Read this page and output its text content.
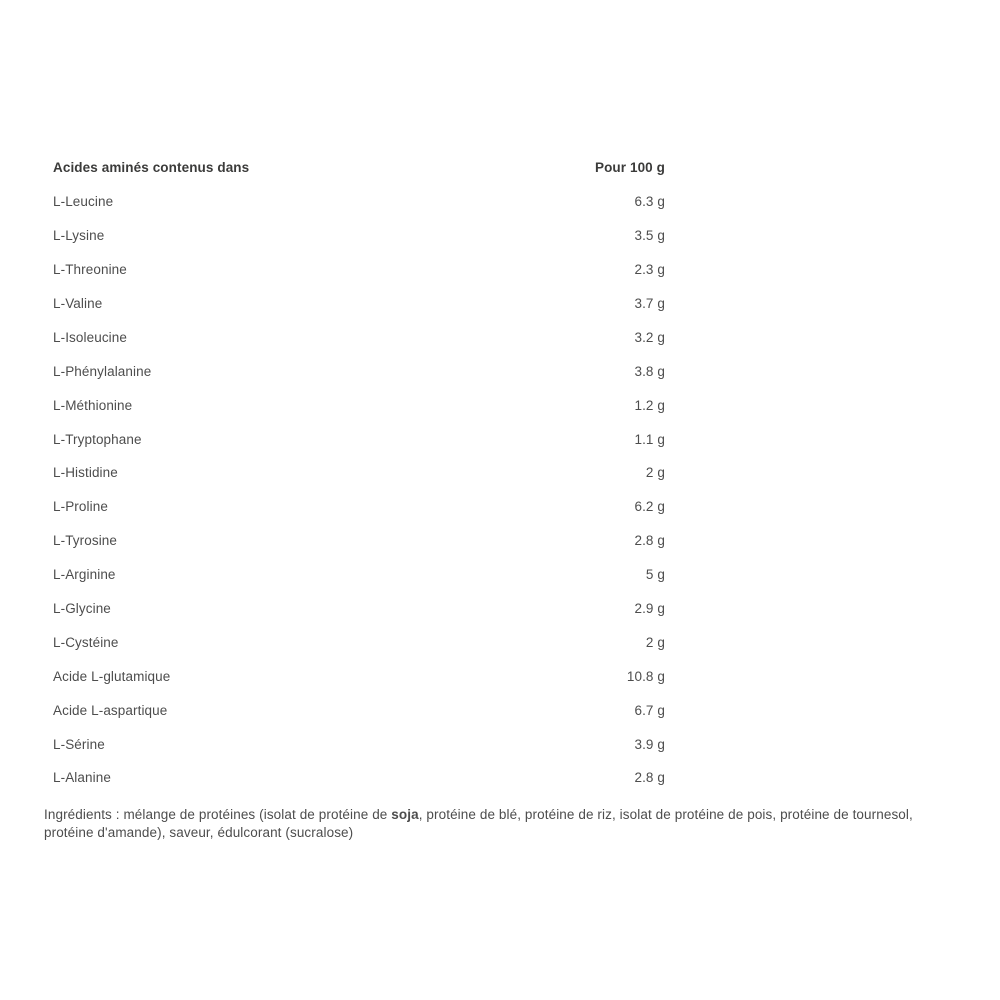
Acides aminés contenus dans	Pour 100 g
L-Leucine	6.3 g
L-Lysine	3.5 g
L-Threonine	2.3 g
L-Valine	3.7 g
L-Isoleucine	3.2 g
L-Phénylalanine	3.8 g
L-Méthionine	1.2 g
L-Tryptophane	1.1 g
L-Histidine	2 g
L-Proline	6.2 g
L-Tyrosine	2.8 g
L-Arginine	5 g
L-Glycine	2.9 g
L-Cystéine	2 g
Acide L-glutamique	10.8 g
Acide L-aspartique	6.7 g
L-Sérine	3.9 g
L-Alanine	2.8 g

Ingrédients : mélange de protéines (isolat de protéine de soja, protéine de blé, protéine de riz, isolat de protéine de pois, protéine de tournesol, protéine d'amande), saveur, édulcorant (sucralose)
